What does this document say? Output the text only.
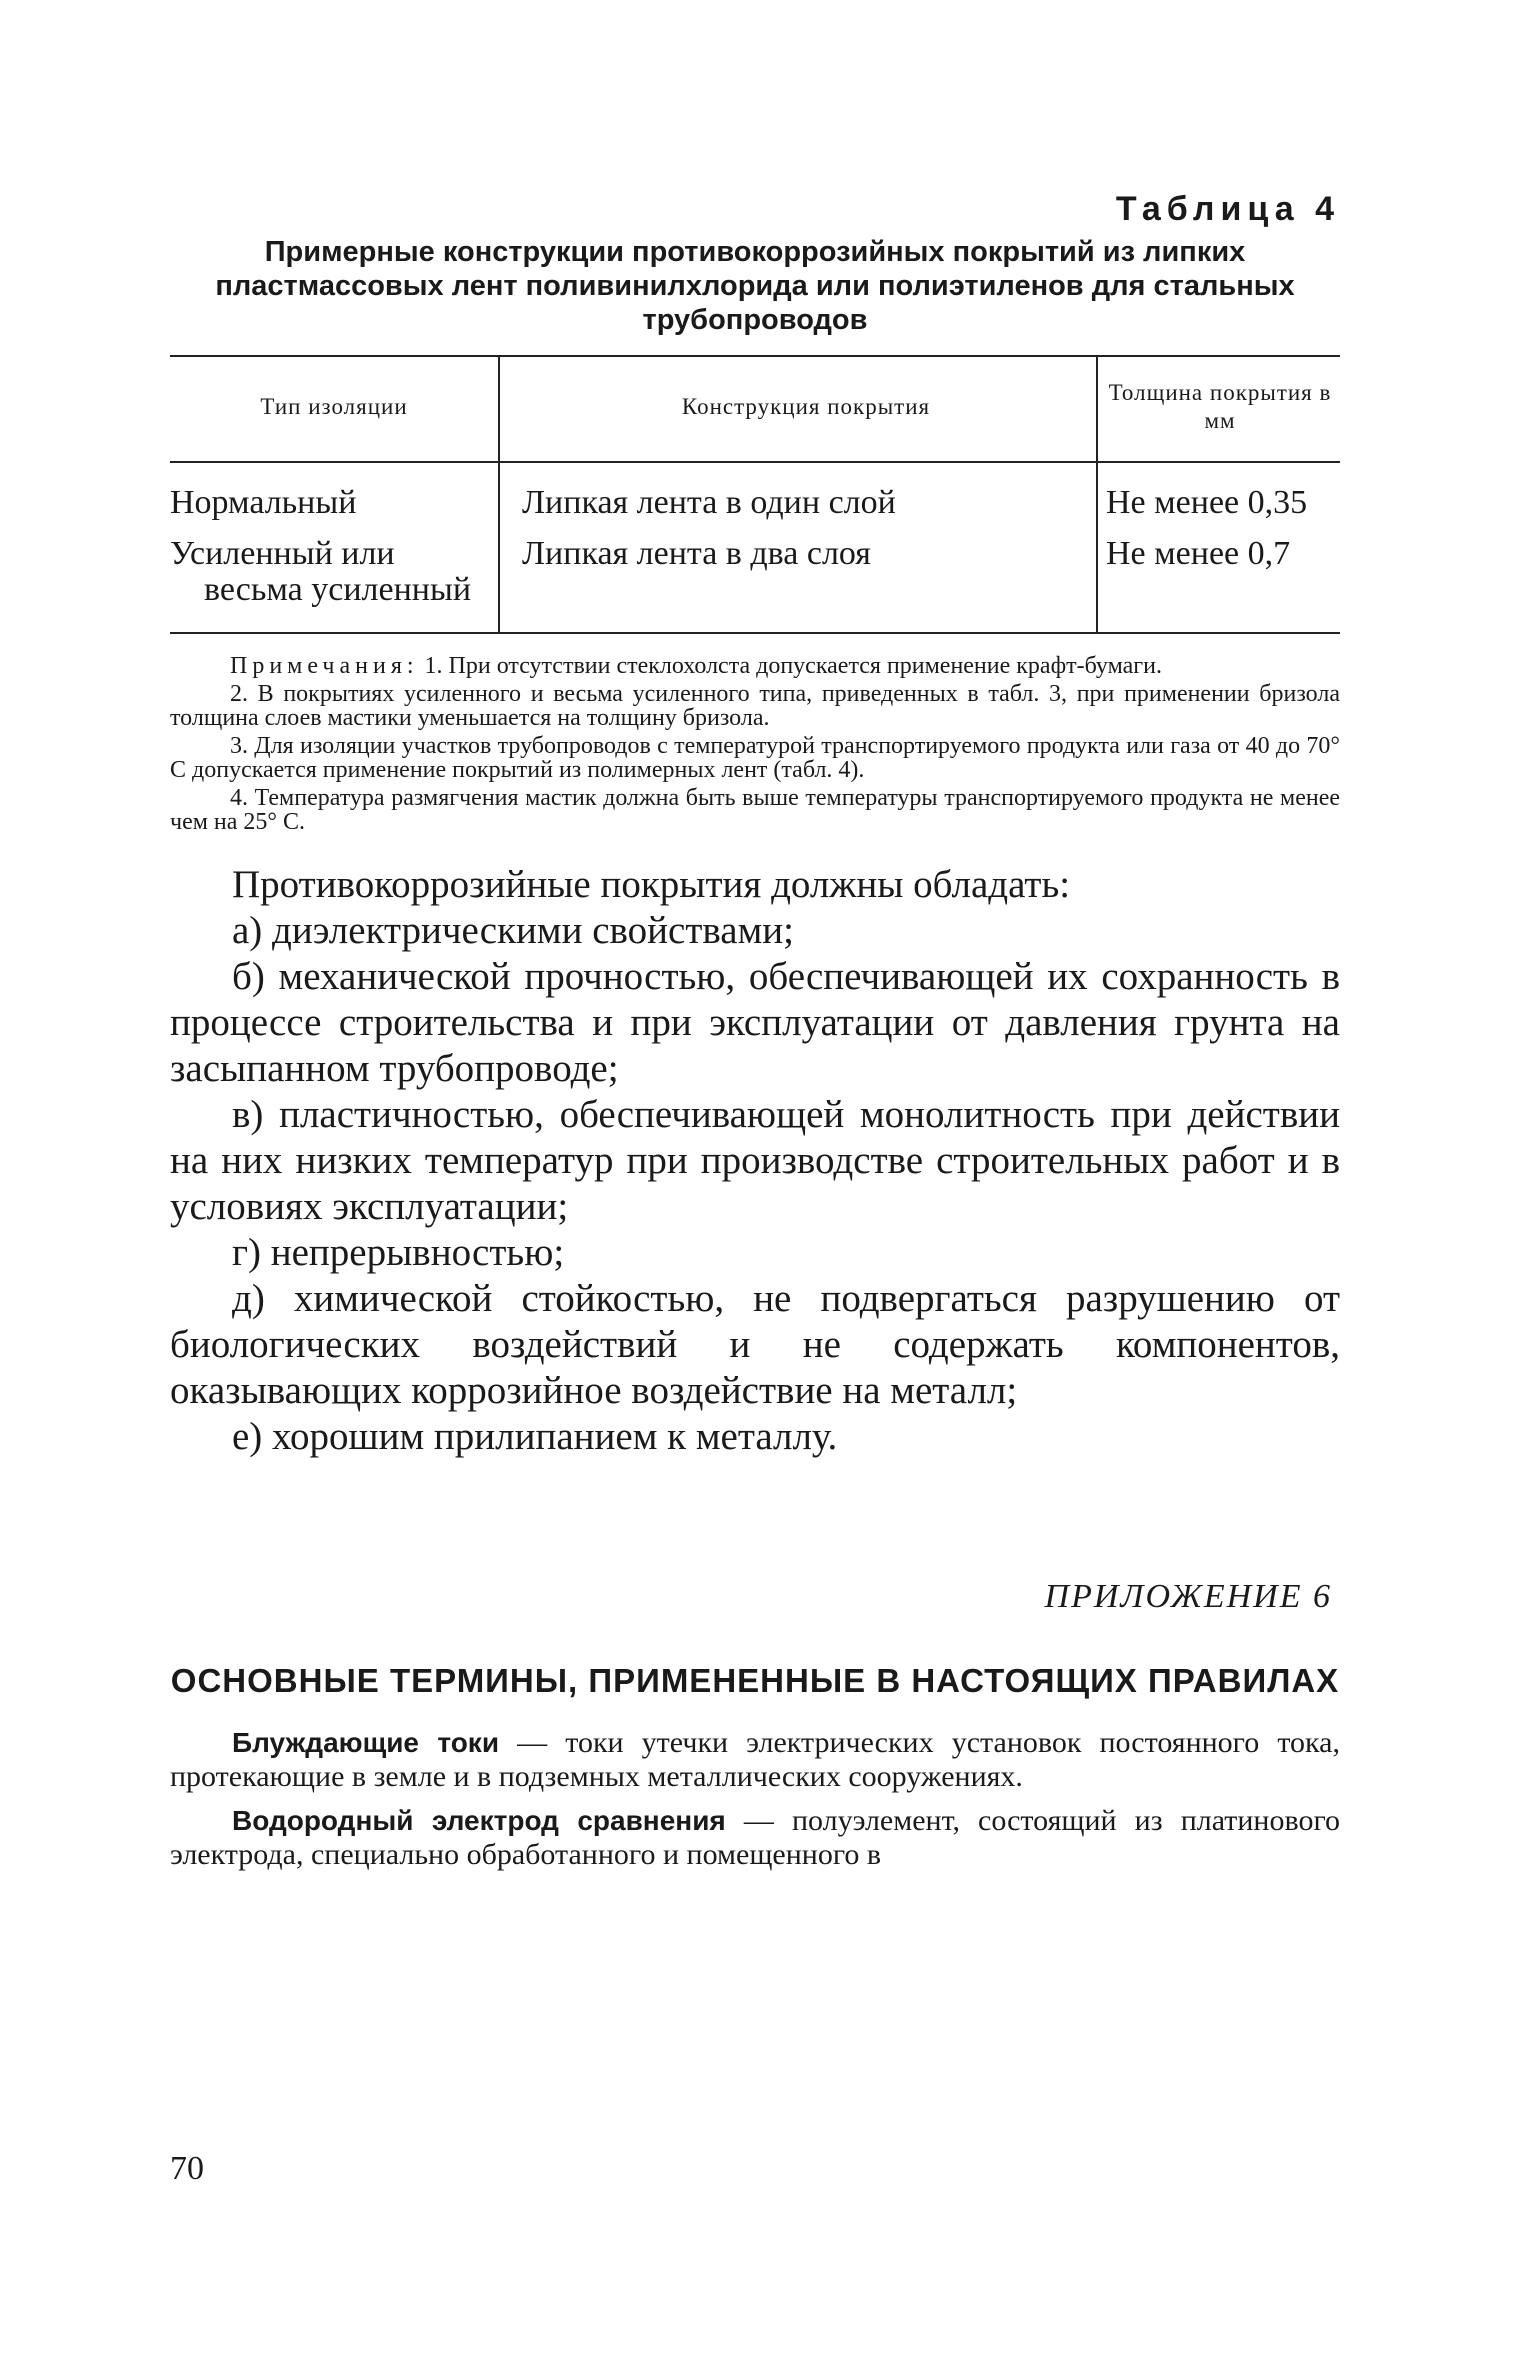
Таблица 4
Примерные конструкции противокоррозийных покрытий из липких пластмассовых лент поливинилхлорида или полиэтиленов для стальных трубопроводов
Тип изоляции	Конструкция покрытия	Толщина покрытия в мм

Нормальный	Липкая лента в один слой	Не менее 0,35

Усиленный или
весьма усиленный	Липкая лента в два слоя	Не менее 0,7

Примечания: 1. При отсутствии стеклохолста допускается применение крафт-бумаги.

2. В покрытиях усиленного и весьма усиленного типа, приведенных в табл. 3, при применении бризола толщина слоев мастики уменьшается на толщину бризола.

3. Для изоляции участков трубопроводов с температурой транспортируемого продукта или газа от 40 до 70° С допускается применение покрытий из полимерных лент (табл. 4).

4. Температура размягчения мастик должна быть выше температуры транспортируемого продукта не менее чем на 25° С.

Противокоррозийные покрытия должны обладать:

а) диэлектрическими свойствами;

б) механической прочностью, обеспечивающей их сохранность в процессе строительства и при эксплуатации от давления грунта на засыпанном трубопроводе;

в) пластичностью, обеспечивающей монолитность при действии на них низких температур при производстве строительных работ и в условиях эксплуатации;

г) непрерывностью;

д) химической стойкостью, не подвергаться разрушению от биологических воздействий и не содержать компонентов, оказывающих коррозийное воздействие на металл;

е) хорошим прилипанием к металлу.

ПРИЛОЖЕНИЕ 6
ОСНОВНЫЕ ТЕРМИНЫ, ПРИМЕНЕННЫЕ В НАСТОЯЩИХ ПРАВИЛАХ

Блуждающие токи — токи утечки электрических установок постоянного тока, протекающие в земле и в подземных металлических сооружениях.

Водородный электрод сравнения — полуэлемент, состоящий из платинового электрода, специально обработанного и помещенного в

70
